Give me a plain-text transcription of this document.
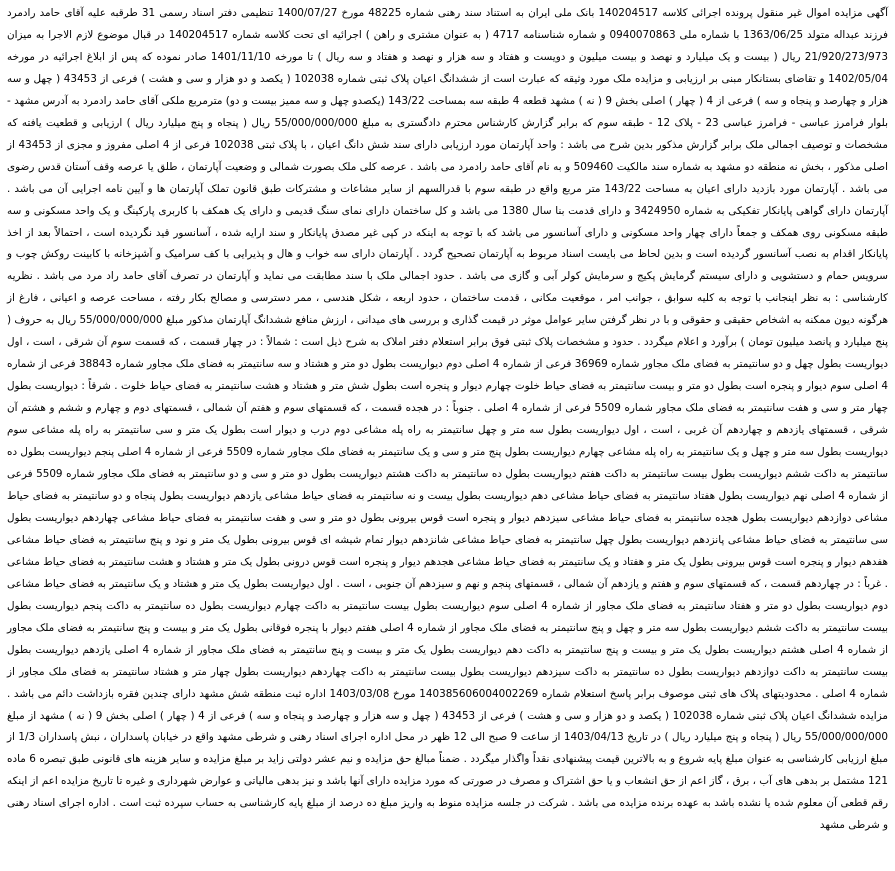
آگهی مزایده اموال غیر منقول پرونده اجرائی کلاسه 140204517 بانک ملی ایران به استناد سند رهنی شماره 48225 مورخ 1400/07/27 تنظیمی دفتر اسناد رسمی 31 طرقبه علیه آقای حامد رادمرد فرزند عبداله متولد 1363/06/25 با شماره ملی 0940070863 و شماره شناسنامه 4717 ( به عنوان مشتری و راهن ) اجرائیه ای تحت کلاسه شماره 140204517 در قبال موضوع لازم الاجرا به میزان 21/920/273/973 ریال ( بیست و یک میلیارد و نهصد و بیست میلیون و دویست و هفتاد و سه هزار و نهصد و هفتاد و سه ریال ) تا مورخه 1401/11/10 صادر نموده که پس از ابلاغ اجرائیه در مورخه 1402/05/04 و تقاضای بستانکار مبنی بر ارزیابی و مزایده ملک مورد وثیقه که عبارت است از ششدانگ اعیان پلاک ثبتی شماره 102038 ( یکصد و دو هزار و سی و هشت ) فرعی از 43453 ( چهل و سه هزار و چهارصد و پنجاه و سه ) فرعی از 4 ( چهار ) اصلی بخش 9 ( نه ) مشهد قطعه 4 طبقه سه بمساحت 143/22 (یکصدو چهل و سه ممیز بیست و دو) مترمربع ملکی آقای حامد رادمرد به آدرس مشهد - بلوار فرامرز عباسی - فرامرز عباسی 23 - پلاک 12 - طبقه سوم که برابر گزارش کارشناس محترم دادگستری به مبلغ 55/000/000/000 ریال ( پنجاه و پنج میلیارد ریال ) ارزیابی و قطعیت یافته که مشخصات و توصیف اجمالی ملک برابر گزارش مذکور بدین شرح می باشد : واحد آپارتمان مورد ارزیابی دارای سند شش دانگ اعیان ، با پلاک ثبتی 102038 فرعی از 4 اصلی مفروز و مجزی از 43453 از اصلی مذکور ، بخش نه منطقه دو مشهد به شماره سند مالکیت 509460 و به نام آقای حامد رادمرد می باشد . عرصه کلی ملک بصورت شمالی و وضعیت آپارتمان ، طلق یا عرصه وقف آستان قدس رضوی می باشد . آپارتمان مورد بازدید دارای اعیان به مساحت 143/22 متر مربع واقع در طبقه سوم با قدرالسهم از سایر مشاعات و مشترکات طبق قانون تملک آپارتمان ها و آیین نامه اجرایی آن می باشد . آپارتمان دارای گواهی پایانکار تفکیکی به شماره 3424950 و دارای قدمت بنا سال 1380 می باشد و کل ساختمان دارای نمای سنگ قدیمی و دارای یک همکف با کاربری پارکینگ و یک واحد مسکونی و سه طبقه مسکونی روی همکف و جمعاً دارای چهار واحد مسکونی و دارای آسانسور می باشد که با توجه به اینکه در کپی غیر مصدق پایانکار و سند ارایه شده ، آسانسور قید نگردیده است ، احتمالاً بعد از اخذ پایانکار اقدام به نصب آسانسور گردیده است و بدین لحاظ می بایست اسناد مربوط به آپارتمان تصحیح گردد . آپارتمان دارای سه خواب و هال و پذیرایی با کف سرامیک و آشپزخانه با کابینت روکش چوب و سرویس حمام و دستشویی و دارای سیستم گرمایش پکیج و سرمایش کولر آبی و گازی می باشد . حدود اجمالی ملک با سند مطابقت می نماید و آپارتمان در تصرف آقای حامد راد مرد می باشد . نظریه کارشناسی : به نظر اینجانب با توجه به کلیه سوابق ، جوانب امر ، موقعیت مکانی ، قدمت ساختمان ، حدود اربعه ، شکل هندسی ، ممر دسترسی و مصالح بکار رفته ، مساحت عرصه و اعیانی ، فارغ از هرگونه دیون ممکنه به اشخاص حقیقی و حقوقی و با در نظر گرفتن سایر عوامل موثر در قیمت گذاری و بررسی های میدانی ، ارزش منافع ششدانگ آپارتمان مذکور مبلغ 55/000/000/000 ریال به حروف ( پنج میلیارد و پانصد میلیون تومان ) برآورد و اعلام میگردد . حدود و مشخصات پلاک ثبتی فوق برابر استعلام دفتر املاک به شرح ذیل است : شمالاً : در چهار قسمت ، که قسمت سوم آن شرقی ، است ، اول دیواریست بطول چهل و دو سانتیمتر به فضای ملک مجاور شماره 36969 فرعی از شماره 4 اصلی دوم دیواریست بطول دو متر و هشتاد و سه سانتیمتر به فضای ملک مجاور شماره 38843 فرعی از شماره 4 اصلی سوم دیوار و پنجره است بطول دو متر و بیست سانتیمتر به فضای حیاط خلوت چهارم دیوار و پنجره است بطول شش متر و هشتاد و هشت سانتیمتر به فضای حیاط خلوت . شرقاً : دیواریست بطول چهار متر و سی و هفت سانتیمتر به فضای ملک مجاور شماره 5509 فرعی از شماره 4 اصلی . جنوباً : در هجده قسمت ، که قسمتهای سوم و هفتم آن شمالی ، قسمتهای دوم و چهارم و ششم و هشتم آن شرقی ، قسمتهای یازدهم و چهاردهم آن غربی ، است ، اول دیواریست بطول سه متر و چهل سانتیمتر به راه پله مشاعی دوم درب و دیوار است بطول یک متر و سی سانتیمتر به راه پله مشاعی سوم دیواریست بطول سه متر و چهل و یک سانتیمتر به راه پله مشاعی چهارم دیواریست بطول پنج متر و سی و یک سانتیمتر به فضای ملک مجاور شماره 5509 فرعی از شماره 4 اصلی پنجم دیواریست بطول ده سانتیمتر به داکت ششم دیواریست بطول بیست سانتیمتر به داکت هفتم دیواریست بطول ده سانتیمتر به داکت هشتم دیواریست بطول دو متر و سی و دو سانتیمتر به فضای ملک مجاور شماره 5509 فرعی از شماره 4 اصلی نهم دیواریست بطول هفتاد سانتیمتر به فضای حیاط مشاعی دهم دیواریست بطول بیست و نه سانتیمتر به فضای حیاط مشاعی یازدهم دیواریست بطول پنجاه و دو سانتیمتر به فضای حیاط مشاعی دوازدهم دیواریست بطول هجده سانتیمتر به فضای حیاط مشاعی سیزدهم دیوار و پنجره است قوس بیرونی بطول دو متر و سی و هفت سانتیمتر به فضای حیاط مشاعی چهاردهم دیواریست بطول سی سانتیمتر به فضای حیاط مشاعی پانزدهم دیواریست بطول چهل سانتیمتر به فضای حیاط مشاعی شانزدهم دیوار تمام شیشه ای قوس بیرونی بطول یک متر و نود و پنج سانتیمتر به فضای حیاط مشاعی هفدهم دیوار و پنجره است قوس بیرونی بطول یک متر و هفتاد و یک سانتیمتر به فضای حیاط مشاعی هجدهم دیوار و پنجره است قوس درونی بطول یک متر و هشتاد و هشت سانتیمتر به فضای حیاط مشاعی . غرباً : در چهاردهم قسمت ، که قسمتهای سوم و هفتم و یازدهم آن شمالی ، قسمتهای پنجم و نهم و سیزدهم آن جنوبی ، است . اول دیواریست بطول یک متر و هشتاد و یک سانتیمتر به فضای حیاط مشاعی دوم دیواریست بطول دو متر و هفتاد سانتیمتر به فضای ملک مجاور از شماره 4 اصلی سوم دیواریست بطول بیست سانتیمتر به داکت چهارم دیواریست بطول ده سانتیمتر به داکت پنجم دیواریست بطول بیست سانتیمتر به داکت ششم دیواریست بطول سه متر و چهل و پنج سانتیمتر به فضای ملک مجاور از شماره 4 اصلی هفتم دیوار با پنجره فوقانی بطول یک متر و بیست و پنج سانتیمتر به فضای ملک مجاور از شماره 4 اصلی هشتم دیواریست بطول یک متر و بیست و پنج سانتیمتر به داکت دهم دیواریست بطول یک متر و بیست و پنج سانتیمتر به فضای ملک مجاور از شماره 4 اصلی یازدهم دیواریست بطول بیست سانتیمتر به داکت دوازدهم دیواریست بطول ده سانتیمتر به داکت سیزدهم دیواریست بطول بیست سانتیمتر به داکت چهاردهم دیواریست بطول چهار متر و هشتاد سانتیمتر به فضای ملک مجاور از شماره 4 اصلی . محدودیتهای پلاک های ثبتی موصوف برابر پاسخ استعلام شماره 140385606004002269 مورخ 1403/03/08 اداره ثبت منطقه شش مشهد دارای چندین فقره بازداشت دائم می باشد . مزایده ششدانگ اعیان پلاک ثبتی شماره 102038 ( یکصد و دو هزار و سی و هشت ) فرعی از 43453 ( چهل و سه هزار و چهارصد و پنجاه و سه ) فرعی از 4 ( چهار ) اصلی بخش 9 ( نه ) مشهد از مبلغ 55/000/000/000 ریال ( پنجاه و پنج میلیارد ریال ) در تاریخ 1403/04/13 از ساعت 9 صبح الی 12 ظهر در محل اداره اجرای اسناد رهنی و شرطی مشهد واقع در خیابان پاسداران ، نبش پاسداران 1/3 از مبلغ ارزیابی کارشناسی به عنوان مبلغ پایه شروع و به بالاترین قیمت پیشنهادی نقداً واگذار میگردد . ضمناً مبالغ حق مزایده و نیم عشر دولتی زاید بر مبلغ مزایده و سایر هزینه های قانونی طبق تبصره 6 ماده 121 مشتمل بر بدهی های آب ، برق ، گاز اعم از حق انشعاب و یا حق اشتراک و مصرف در صورتی که مورد مزایده دارای آنها باشد و نیز بدهی مالیاتی و عوارض شهرداری و غیره تا تاریخ مزایده اعم از اینکه رقم قطعی آن معلوم شده یا نشده باشد به عهده برنده مزایده می باشد . شرکت در جلسه مزایده منوط به واریز مبلغ ده درصد از مبلغ پایه کارشناسی به حساب سپرده ثبت است . اداره اجرای اسناد رهنی و شرطی مشهد
